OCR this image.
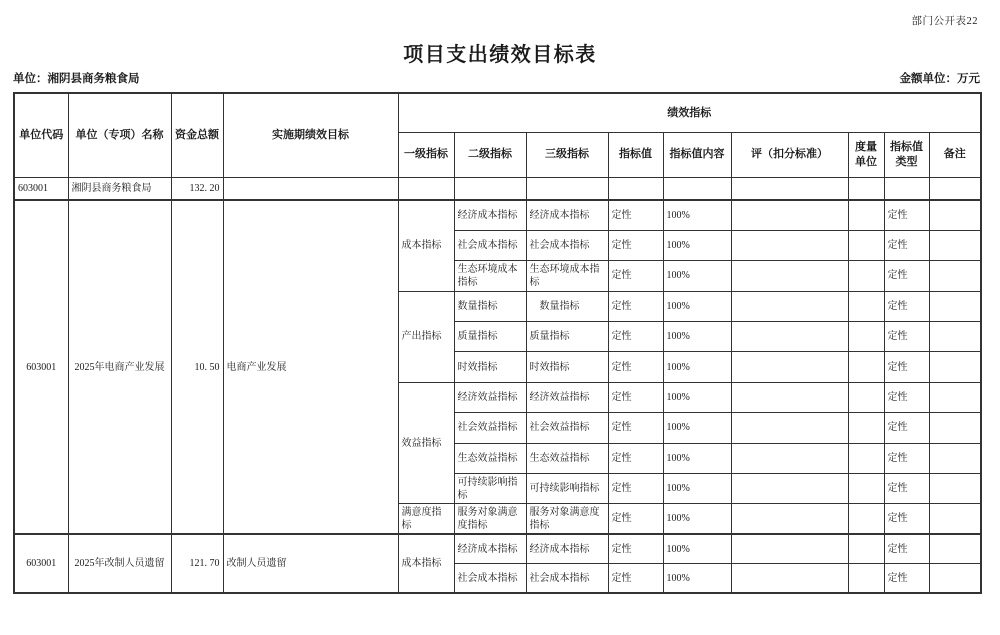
部门公开表22
项目支出绩效目标表
单位：湘阴县商务粮食局	金额单位：万元
单位代码	单位（专项）名称	资金总额	实施期绩效目标	绩效指标								
				一级指标	二级指标	三级指标	指标值	指标值内容	评（扣分标准）	度量单位	指标值类型	备注
603001	湘阴县商务粮食局	132. 20										
603001	2025年电商产业发展	10. 50	电商产业发展	成本指标	经济成本指标	经济成本指标	定性	100%			定性	
					社会成本指标	社会成本指标	定性	100%			定性	
					生态环境成本指标	生态环境成本指标	定性	100%			定性	
				产出指标	数量指标	　数量指标	定性	100%			定性	
					质量指标	质量指标	定性	100%			定性	
					时效指标	时效指标	定性	100%			定性	
				效益指标	经济效益指标	经济效益指标	定性	100%			定性	
					社会效益指标	社会效益指标	定性	100%			定性	
					生态效益指标	生态效益指标	定性	100%			定性	
					可持续影响指标	可持续影响指标	定性	100%			定性	
				满意度指标	服务对象满意度指标	服务对象满意度指标	定性	100%			定性	
603001	2025年改制人员遗留	121. 70	改制人员遗留	成本指标	经济成本指标	经济成本指标	定性	100%			定性	
					社会成本指标	社会成本指标	定性	100%			定性	
